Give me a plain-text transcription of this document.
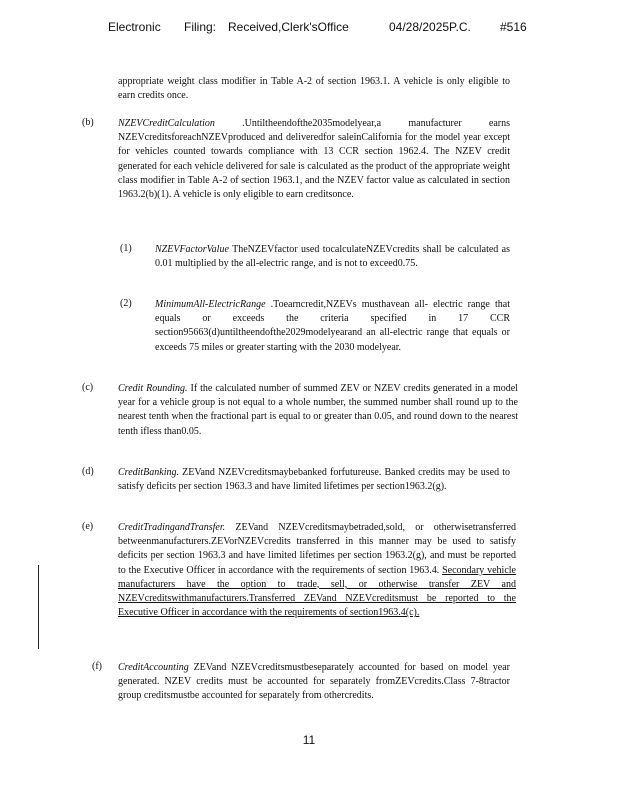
Electronic Filing: Received,Clerk'sOffice	04/28/2025P.C. #516
appropriate weight class modifier in Table A-2 of section 1963.1. A vehicle is only eligible to earn credits once.
(b) NZEVCreditCalculation	.Untiltheendofthe2035modelyear,a manufacturer earns NZEVcreditsforeachNZEVproduced and deliveredfor saleinCalifornia for the model year except for vehicles counted towards compliance with 13 CCR section 1962.4. The NZEV credit generated for each vehicle delivered for sale is calculated as the product of the appropriate weight class modifier in Table A-2 of section 1963.1, and the NZEV factor value as calculated in section 1963.2(b)(1). A vehicle is only eligible to earn creditsonce.
(1) NZEVFactorValue TheNZEVfactor used tocalculateNZEVcredits shall be calculated as 0.01 multiplied by the all-electric range, and is not to exceed0.75.
(2) MinimumAll-ElectricRange .Toearncredit,NZEVs musthavean all- electric range that equals or exceeds the criteria specified in 17 CCR section95663(d)untiltheendofthe2029modelyearand an all-electric range that equals or exceeds 75 miles or greater starting with the 2030 modelyear.
(c) Credit Rounding. If the calculated number of summed ZEV or NZEV credits generated in a model year for a vehicle group is not equal to a whole number, the summed number shall round up to the nearest tenth when the fractional part is equal to or greater than 0.05, and round down to the nearest tenth ifless than0.05.
(d) CreditBanking. ZEVand NZEVcreditsmaybebanked forfutureuse. Banked credits may be used to satisfy deficits per section 1963.3 and have limited lifetimes per section1963.2(g).
(e) CreditTradingandTransfer. ZEVand NZEVcreditsmaybetraded,sold, or otherwisetransferred betweenmanufacturers.ZEVorNZEVcredits transferred in this manner may be used to satisfy deficits per section 1963.3 and have limited lifetimes per section 1963.2(g), and must be reported to the Executive Officer in accordance with the requirements of section 1963.4. Secondary vehicle manufacturers have the option to trade, sell, or otherwise transfer ZEV and NZEVcreditswithmanufacturers.Transferred ZEVand NZEVcreditsmust be reported to the Executive Officer in accordance with the requirements of section1963.4(c).
(f) CreditAccounting ZEVand NZEVcreditsmustbeseparately accounted for based on model year generated. NZEV credits must be accounted for separately fromZEVcredits.Class 7-8tractor group creditsmustbe accounted for separately from othercredits.
11
